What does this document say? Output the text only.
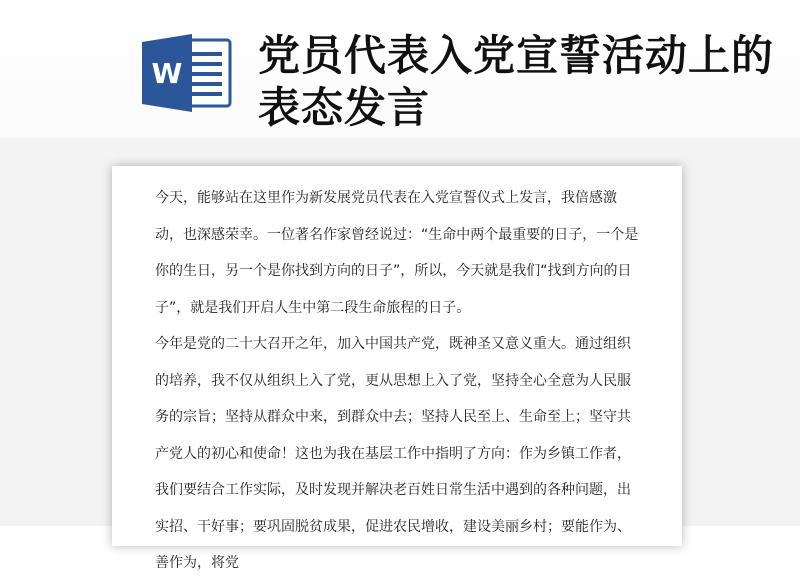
W 党员代表入党宣誓活动上的表态发言

今天，能够站在这里作为新发展党员代表在入党宣誓仪式上发言，我倍感激动，也深感荣幸。一位著名作家曾经说过：“生命中两个最重要的日子，一个是你的生日，另一个是你找到方向的日子”，所以，今天就是我们“找到方向的日子”，就是我们开启人生中第二段生命旅程的日子。

今年是党的二十大召开之年，加入中国共产党，既神圣又意义重大。通过组织的培养，我不仅从组织上入了党，更从思想上入了党，坚持全心全意为人民服务的宗旨；坚持从群众中来，到群众中去；坚持人民至上、生命至上；坚守共产党人的初心和使命！这也为我在基层工作中指明了方向：作为乡镇工作者，我们要结合工作实际，及时发现并解决老百姓日常生活中遇到的各种问题，出实招、干好事；要巩固脱贫成果，促进农民增收，建设美丽乡村；要能作为、善作为，将党
